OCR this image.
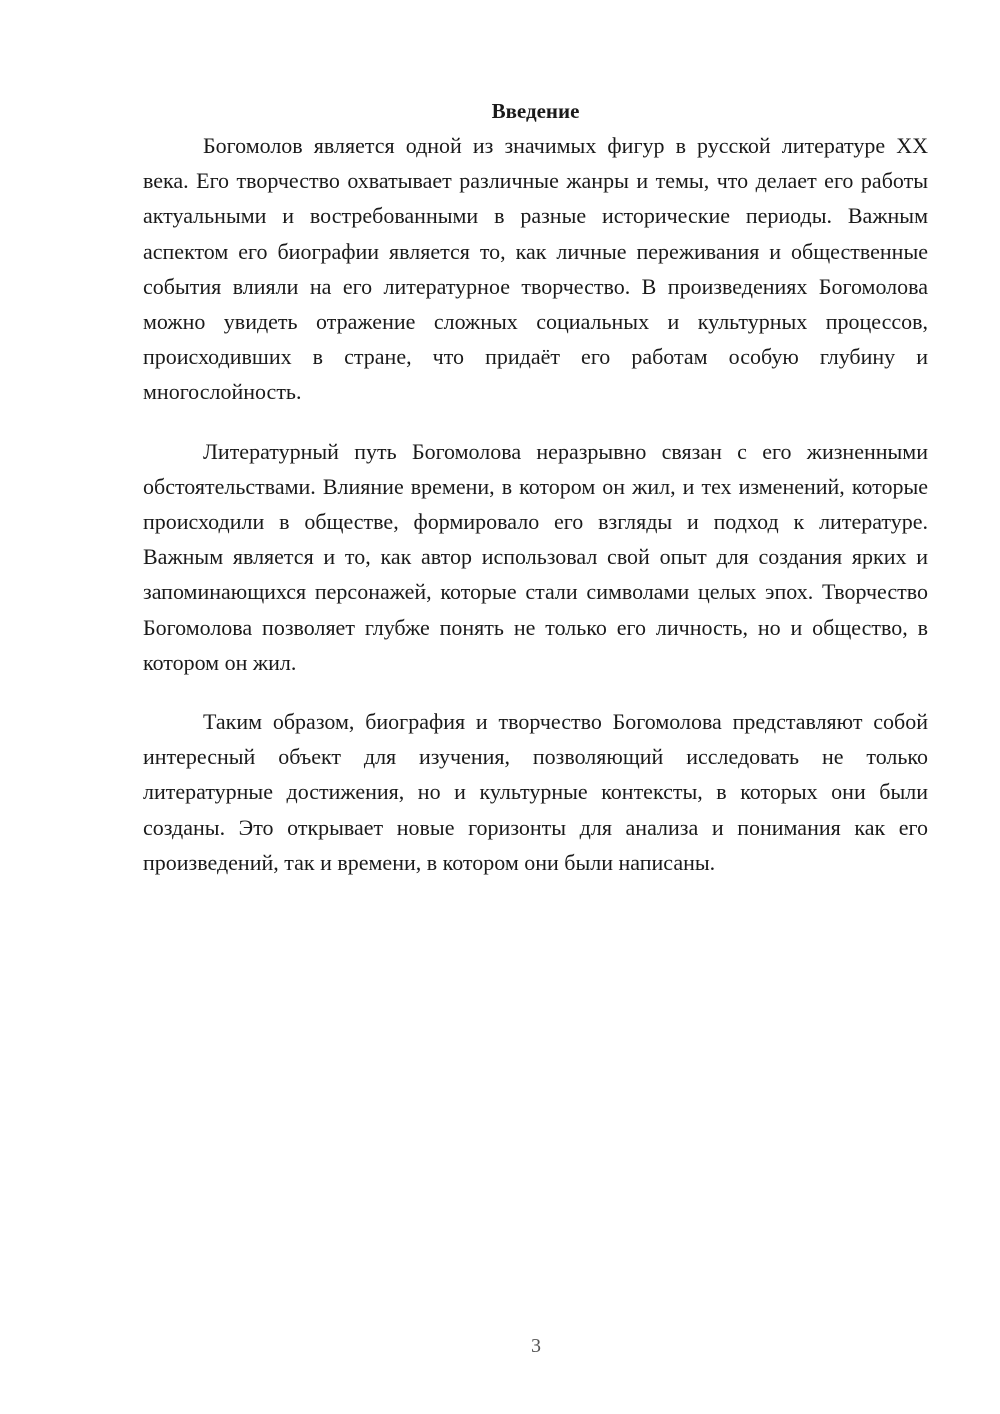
Введение

Богомолов является одной из значимых фигур в русской литературе XX века. Его творчество охватывает различные жанры и темы, что делает его работы актуальными и востребованными в разные исторические периоды. Важным аспектом его биографии является то, как личные переживания и общественные события влияли на его литературное творчество. В произведениях Богомолова можно увидеть отражение сложных социальных и культурных процессов, происходивших в стране, что придаёт его работам особую глубину и многослойность.

Литературный путь Богомолова неразрывно связан с его жизненными обстоятельствами. Влияние времени, в котором он жил, и тех изменений, которые происходили в обществе, формировало его взгляды и подход к литературе. Важным является и то, как автор использовал свой опыт для создания ярких и запоминающихся персонажей, которые стали символами целых эпох. Творчество Богомолова позволяет глубже понять не только его личность, но и общество, в котором он жил.

Таким образом, биография и творчество Богомолова представляют собой интересный объект для изучения, позволяющий исследовать не только литературные достижения, но и культурные контексты, в которых они были созданы. Это открывает новые горизонты для анализа и понимания как его произведений, так и времени, в котором они были написаны.

3
